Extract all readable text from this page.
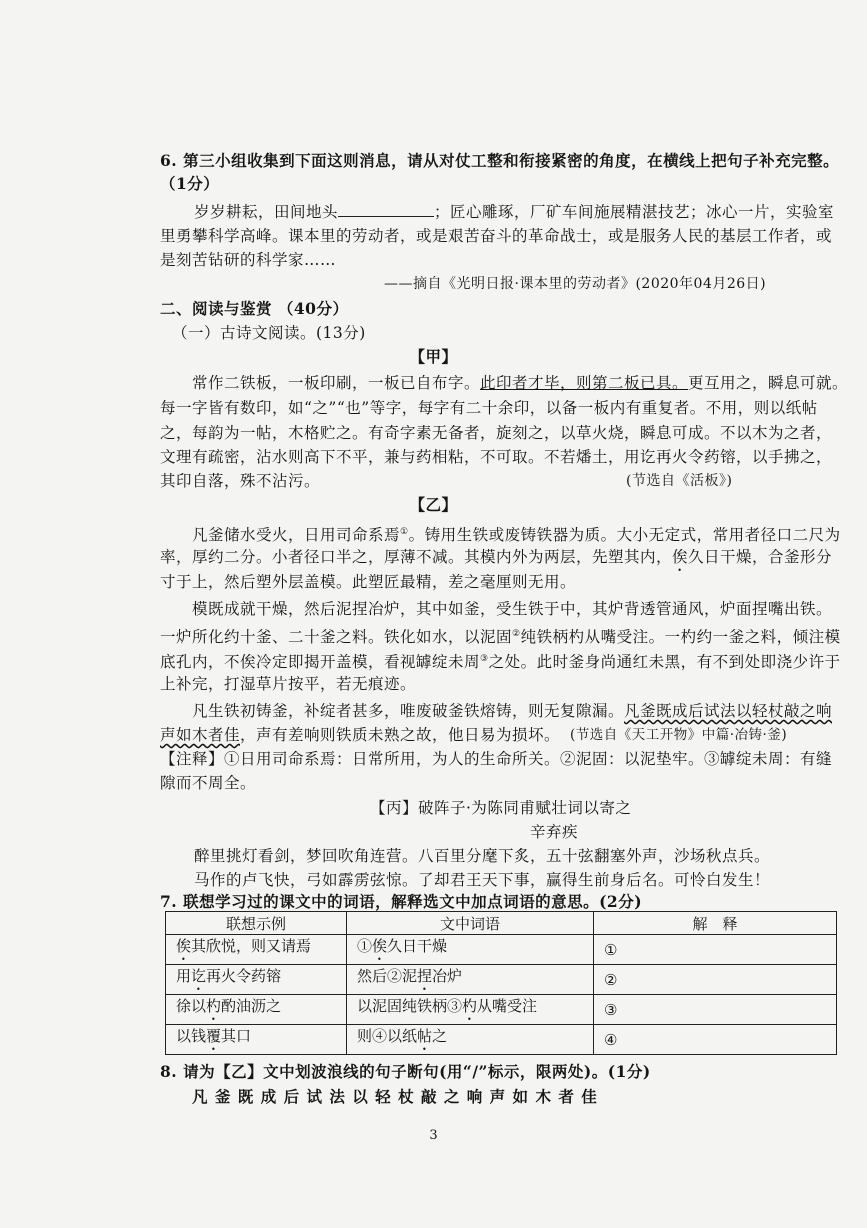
6. 第三小组收集到下面这则消息，请从对仗工整和衔接紧密的角度，在横线上把句子补充完整。
（1分）
岁岁耕耘，田间地头	；匠心雕琢，厂矿车间施展精湛技艺；冰心一片，实验室
里勇攀科学高峰。课本里的劳动者，或是艰苦奋斗的革命战士，或是服务人民的基层工作者，或
是刻苦钻研的科学家……
——摘自《光明日报·课本里的劳动者》(2020年04月26日)
二、阅读与鉴赏 （40分）
（一）古诗文阅读。(13分)
【甲】
常作二铁板，一板印刷，一板已自布字。此印者才毕，则第二板已具。更互用之，瞬息可就。
每一字皆有数印，如“之”“也”等字，每字有二十余印，以备一板内有重复者。不用，则以纸帖
之，每韵为一帖，木格贮之。有奇字素无备者，旋刻之，以草火烧，瞬息可成。不以木为之者，
文理有疏密，沾水则高下不平，兼与药相粘，不可取。不若燔土，用讫再火令药镕，以手拂之，
其印自落，殊不沾污。	(节选自《活板》)
【乙】
凡釜储水受火，日用司命系焉①。铸用生铁或废铸铁器为质。大小无定式，常用者径口二尺为
率，厚约二分。小者径口半之，厚薄不减。其模内外为两层，先塑其内，俟久日干燥，合釜形分
寸于上，然后塑外层盖模。此塑匠最精，差之毫厘则无用。
模既成就干燥，然后泥捏冶炉，其中如釜，受生铁于中，其炉背透管通风，炉面捏嘴出铁。
一炉所化约十釜、二十釜之料。铁化如水，以泥固②纯铁柄杓从嘴受注。一杓约一釜之料，倾注模
底孔内，不俟冷定即揭开盖模，看视罅绽未周③之处。此时釜身尚通红未黑，有不到处即浇少许于
上补完，打湿草片按平，若无痕迹。
凡生铁初铸釜，补绽者甚多，唯废破釜铁熔铸，则无复隙漏。凡釜既成后试法以轻杖敲之响
声如木者佳，声有差响则铁质未熟之故，他日易为损坏。 (节选自《天工开物》中篇·冶铸·釜)
【注释】①日用司命系焉：日常所用，为人的生命所关。②泥固：以泥垫牢。③罅绽未周：有缝
隙而不周全。
【丙】破阵子·为陈同甫赋壮词以寄之
辛弃疾
醉里挑灯看剑，梦回吹角连营。八百里分麾下炙，五十弦翻塞外声，沙场秋点兵。
马作的卢飞快，弓如霹雳弦惊。了却君王天下事，赢得生前身后名。可怜白发生！
7. 联想学习过的课文中的词语，解释选文中加点词语的意思。(2分)
联想示例	文中词语	解　释
俟其欣悦，则又请焉	①俟久日干燥	①
用讫再火令药镕	然后②泥捏冶炉	②
徐以杓酌油沥之	以泥固纯铁柄③杓从嘴受注	③
以钱覆其口	则④以纸帖之	④
8. 请为【乙】文中划波浪线的句子断句(用“/”标示，限两处)。(1分)
凡 釜 既 成 后 试 法 以 轻 杖 敲 之 响 声 如 木 者 佳
3
